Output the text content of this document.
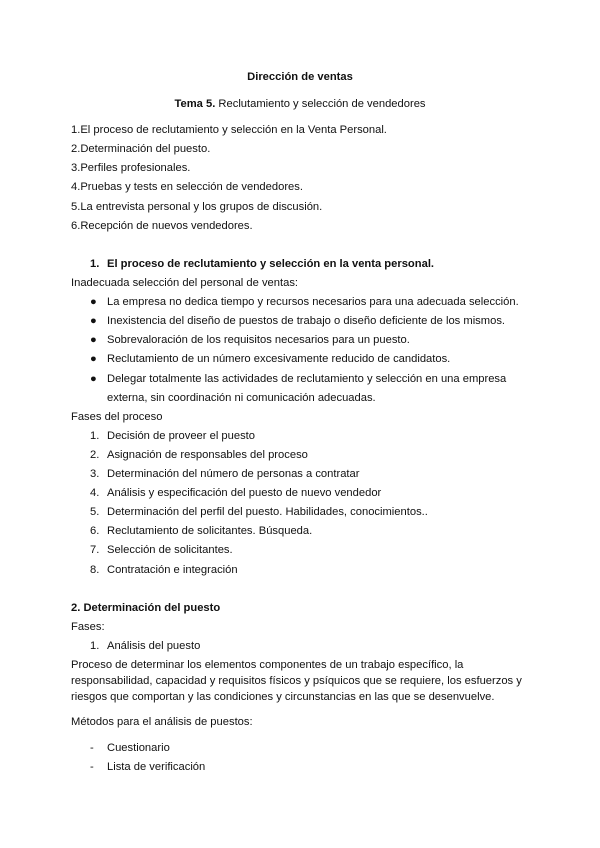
Dirección de ventas
Tema 5. Reclutamiento y selección de vendedores
1.El proceso de reclutamiento y selección en la Venta Personal.
2.Determinación del puesto.
3.Perfiles profesionales.
4.Pruebas y tests en selección de vendedores.
5.La entrevista personal y los grupos de discusión.
6.Recepción de nuevos vendedores.
1. El proceso de reclutamiento y selección en la venta personal.
Inadecuada selección del personal de ventas:
● La empresa no dedica tiempo y recursos necesarios para una adecuada selección.
● Inexistencia del diseño de puestos de trabajo o diseño deficiente de los mismos.
● Sobrevaloración de los requisitos necesarios para un puesto.
● Reclutamiento de un número excesivamente reducido de candidatos.
● Delegar totalmente las actividades de reclutamiento y selección en una empresa
externa, sin coordinación ni comunicación adecuadas.
Fases del proceso
1. Decisión de proveer el puesto
2. Asignación de responsables del proceso
3. Determinación del número de personas a contratar
4. Análisis y especificación del puesto de nuevo vendedor
5. Determinación del perfil del puesto. Habilidades, conocimientos..
6. Reclutamiento de solicitantes. Búsqueda.
7. Selección de solicitantes.
8. Contratación e integración
2. Determinación del puesto
Fases:
1. Análisis del puesto
Proceso de determinar los elementos componentes de un trabajo específico, la
responsabilidad, capacidad y requisitos físicos y psíquicos que se requiere, los esfuerzos y
riesgos que comportan y las condiciones y circunstancias en las que se desenvuelve.
Métodos para el análisis de puestos:
- Cuestionario
- Lista de verificación
